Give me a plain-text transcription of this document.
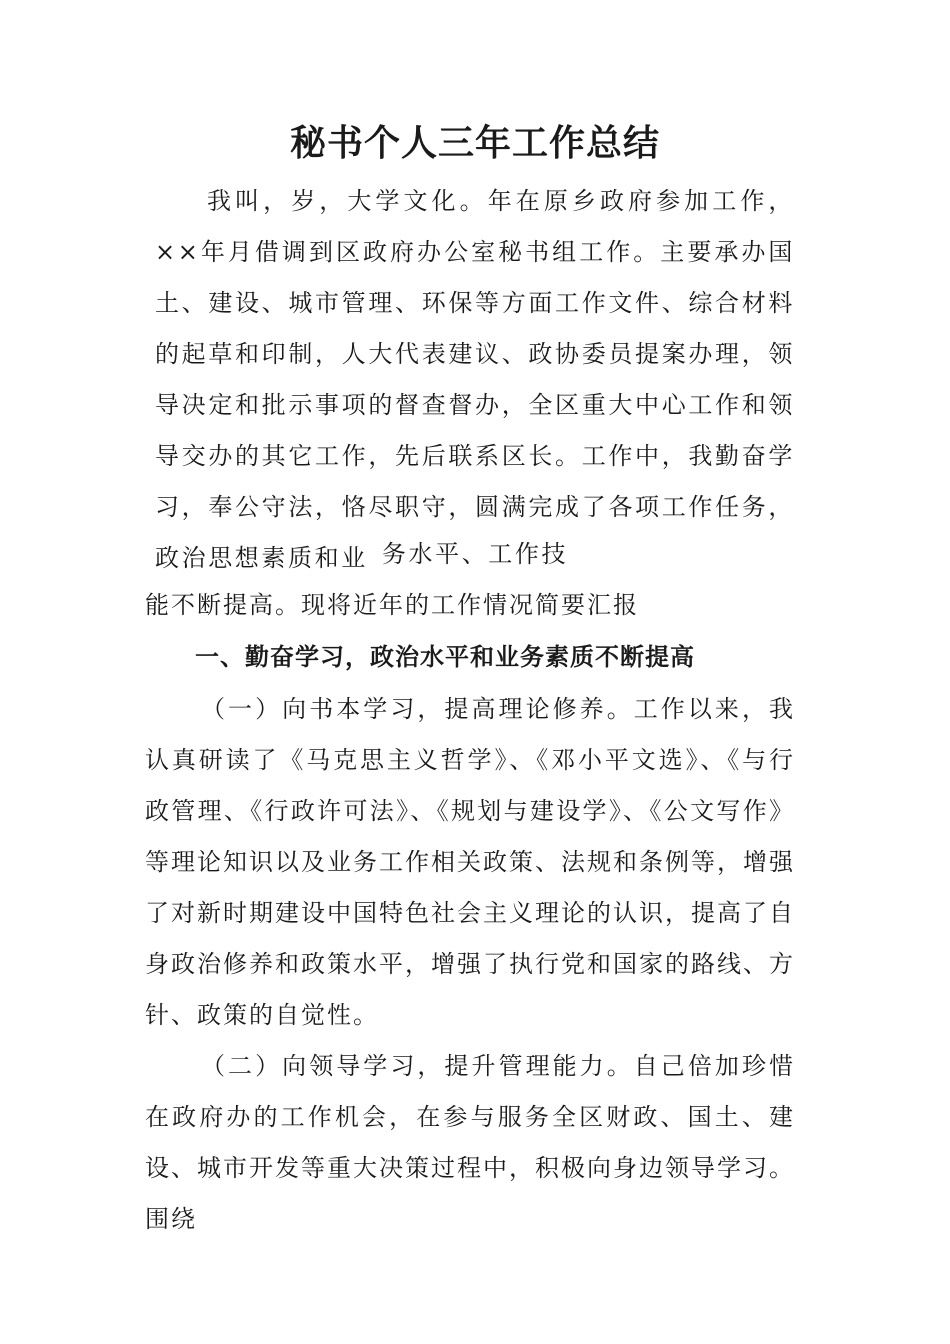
秘书个人三年工作总结

我叫，岁，大学文化。年在原乡政府参加工作，××年月借调到区政府办公室秘书组工作。主要承办国土、建设、城市管理、环保等方面工作文件、综合材料的起草和印制，人大代表建议、政协委员提案办理，领导决定和批示事项的督查督办，全区重大中心工作和领导交办的其它工作，先后联系区长。工作中，我勤奋学习，奉公守法，恪尽职守，圆满完成了各项工作任务，政治思想素质和业 务水平、工作技

能不断提高。现将近年的工作情况简要汇报

一、勤奋学习，政治水平和业务素质不断提高

（一）向书本学习，提高理论修养。工作以来，我认真研读了《马克思主义哲学》、《邓小平文选》、《与行政管理、《行政许可法》、《规划与建设学》、《公文写作》等理论知识以及业务工作相关政策、法规和条例等，增强了对新时期建设中国特色社会主义理论的认识，提高了自身政治修养和政策水平，增强了执行党和国家的路线、方针、政策的自觉性。

（二）向领导学习，提升管理能力。自己倍加珍惜在政府办的工作机会，在参与服务全区财政、国土、建设、城市开发等重大决策过程中，积极向身边领导学习。围绕
